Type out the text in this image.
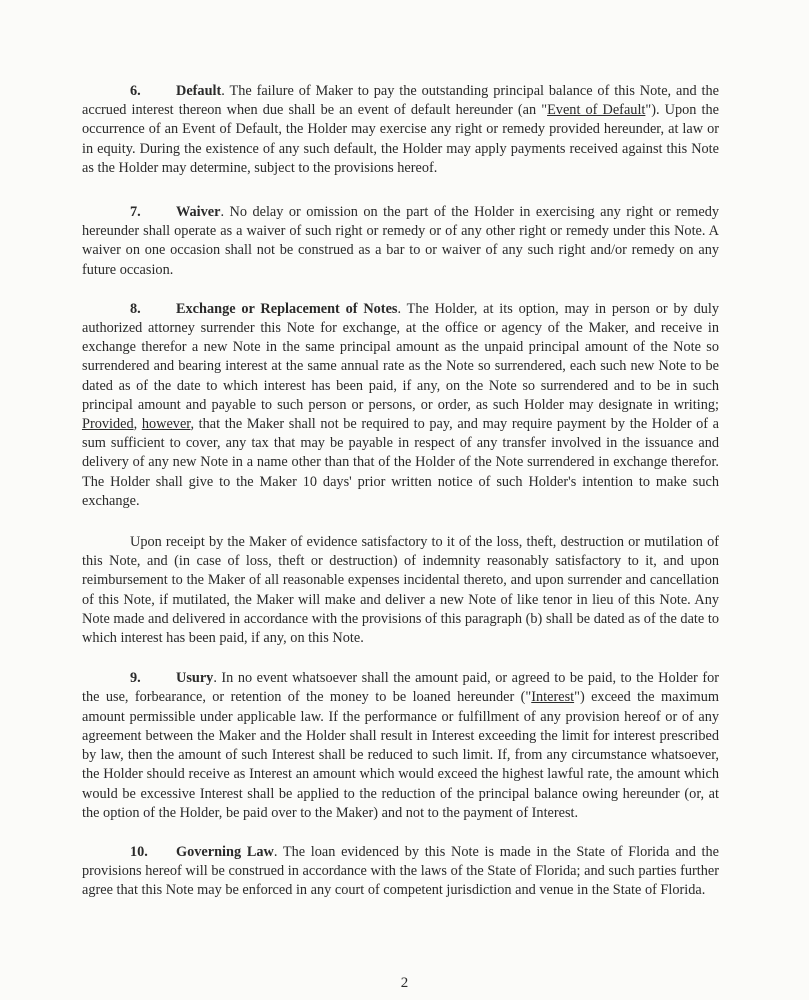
6. Default. The failure of Maker to pay the outstanding principal balance of this Note, and the accrued interest thereon when due shall be an event of default hereunder (an "Event of Default"). Upon the occurrence of an Event of Default, the Holder may exercise any right or remedy provided hereunder, at law or in equity. During the existence of any such default, the Holder may apply payments received against this Note as the Holder may determine, subject to the provisions hereof.

7. Waiver. No delay or omission on the part of the Holder in exercising any right or remedy hereunder shall operate as a waiver of such right or remedy or of any other right or remedy under this Note. A waiver on one occasion shall not be construed as a bar to or waiver of any such right and/or remedy on any future occasion.

8. Exchange or Replacement of Notes. The Holder, at its option, may in person or by duly authorized attorney surrender this Note for exchange, at the office or agency of the Maker, and receive in exchange therefor a new Note in the same principal amount as the unpaid principal amount of the Note so surrendered and bearing interest at the same annual rate as the Note so surrendered, each such new Note to be dated as of the date to which interest has been paid, if any, on the Note so surrendered and to be in such principal amount and payable to such person or persons, or order, as such Holder may designate in writing; Provided, however, that the Maker shall not be required to pay, and may require payment by the Holder of a sum sufficient to cover, any tax that may be payable in respect of any transfer involved in the issuance and delivery of any new Note in a name other than that of the Holder of the Note surrendered in exchange therefor. The Holder shall give to the Maker 10 days' prior written notice of such Holder's intention to make such exchange.

Upon receipt by the Maker of evidence satisfactory to it of the loss, theft, destruction or mutilation of this Note, and (in case of loss, theft or destruction) of indemnity reasonably satisfactory to it, and upon reimbursement to the Maker of all reasonable expenses incidental thereto, and upon surrender and cancellation of this Note, if mutilated, the Maker will make and deliver a new Note of like tenor in lieu of this Note. Any Note made and delivered in accordance with the provisions of this paragraph (b) shall be dated as of the date to which interest has been paid, if any, on this Note.

9. Usury. In no event whatsoever shall the amount paid, or agreed to be paid, to the Holder for the use, forbearance, or retention of the money to be loaned hereunder ("Interest") exceed the maximum amount permissible under applicable law. If the performance or fulfillment of any provision hereof or of any agreement between the Maker and the Holder shall result in Interest exceeding the limit for interest prescribed by law, then the amount of such Interest shall be reduced to such limit. If, from any circumstance whatsoever, the Holder should receive as Interest an amount which would exceed the highest lawful rate, the amount which would be excessive Interest shall be applied to the reduction of the principal balance owing hereunder (or, at the option of the Holder, be paid over to the Maker) and not to the payment of Interest.

10. Governing Law. The loan evidenced by this Note is made in the State of Florida and the provisions hereof will be construed in accordance with the laws of the State of Florida; and such parties further agree that this Note may be enforced in any court of competent jurisdiction and venue in the State of Florida.

2
